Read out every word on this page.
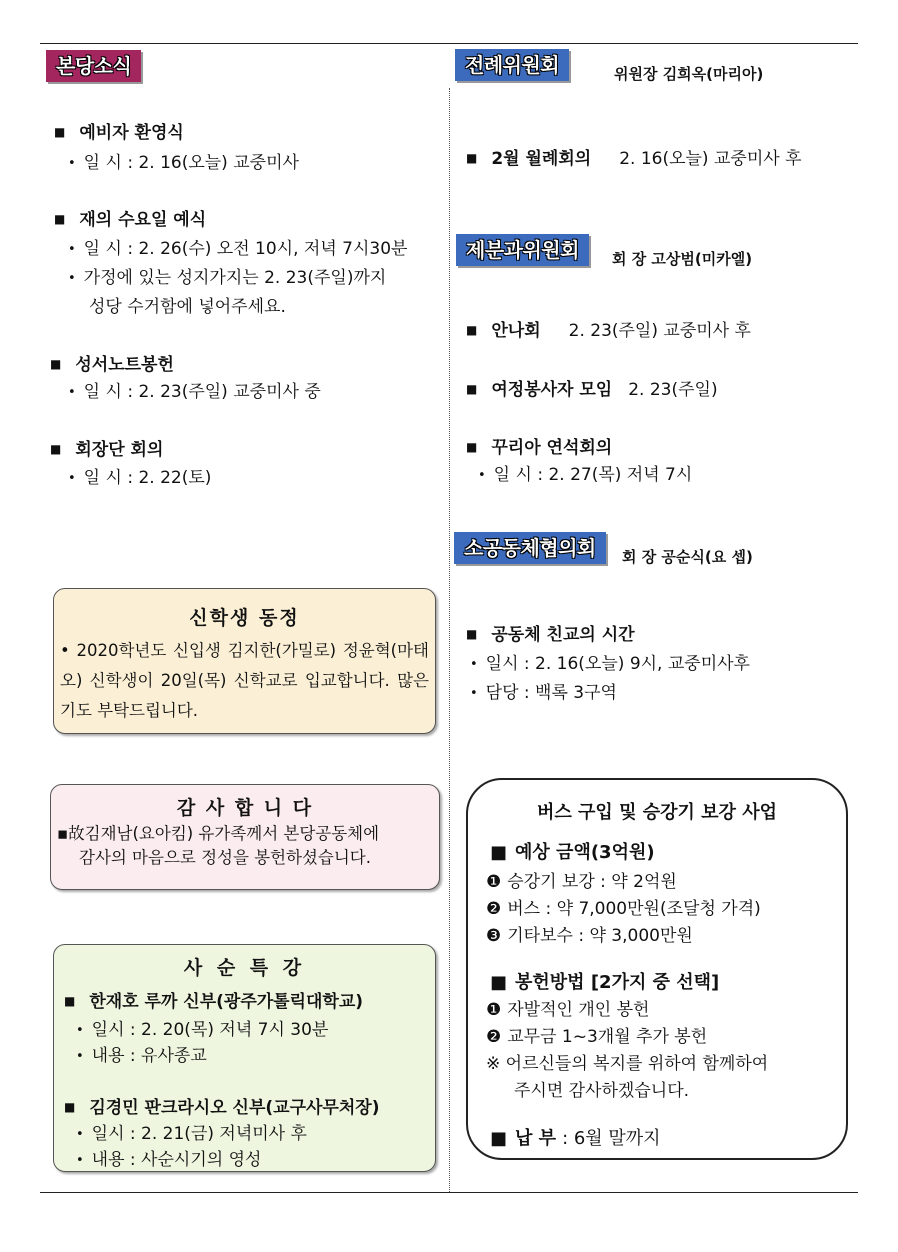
본당소식
■ 예비자 환영식
• 일 시 : 2. 16(오늘) 교중미사
■ 재의 수요일 예식
• 일 시 : 2. 26(수) 오전 10시, 저녁 7시30분
• 가정에 있는 성지가지는 2. 23(주일)까지
성당 수거함에 넣어주세요.
■ 성서노트봉헌
• 일 시 : 2. 23(주일) 교중미사 중
■ 회장단 회의
• 일 시 : 2. 22(토)
신학생 동정

• 2020학년도 신입생 김지한(가밀로) 정윤혁(마태오) 신학생이 20일(목) 신학교로 입교합니다. 많은 기도 부탁드립니다.

감 사 합 니 다

▪故김재남(요아킴) 유가족께서 본당공동체에

감사의 마음으로 정성을 봉헌하셨습니다.

사 순 특 강
■ 한재호 루까 신부(광주가톨릭대학교)
• 일시 : 2. 20(목) 저녁 7시 30분
• 내용 : 유사종교
■ 김경민 판크라시오 신부(교구사무처장)
• 일시 : 2. 21(금) 저녁미사 후
• 내용 : 사순시기의 영성
전례위원회	위원장 김희옥(마리아)
■ 2월 월례회의 2. 16(오늘) 교중미사 후
제분과위원회	회 장 고상범(미카엘)
■ 안나회 2. 23(주일) 교중미사 후
■ 여정봉사자 모임 2. 23(주일)
■ 꾸리아 연석회의
• 일 시 : 2. 27(목) 저녁 7시
소공동체협의회	회 장 공순식(요 셉)
■ 공동체 친교의 시간
• 일시 : 2. 16(오늘) 9시, 교중미사후
• 담당 : 백록 3구역
버스 구입 및 승강기 보강 사업
■ 예상 금액(3억원)
❶ 승강기 보강 : 약 2억원
❷ 버스 : 약 7,000만원(조달청 가격)
❸ 기타보수 : 약 3,000만원
■ 봉헌방법 [2가지 중 선택]
❶ 자발적인 개인 봉헌
❷ 교무금 1~3개월 추가 봉헌
※ 어르신들의 복지를 위하여 함께하여
주시면 감사하겠습니다.
■ 납 부 : 6월 말까지
